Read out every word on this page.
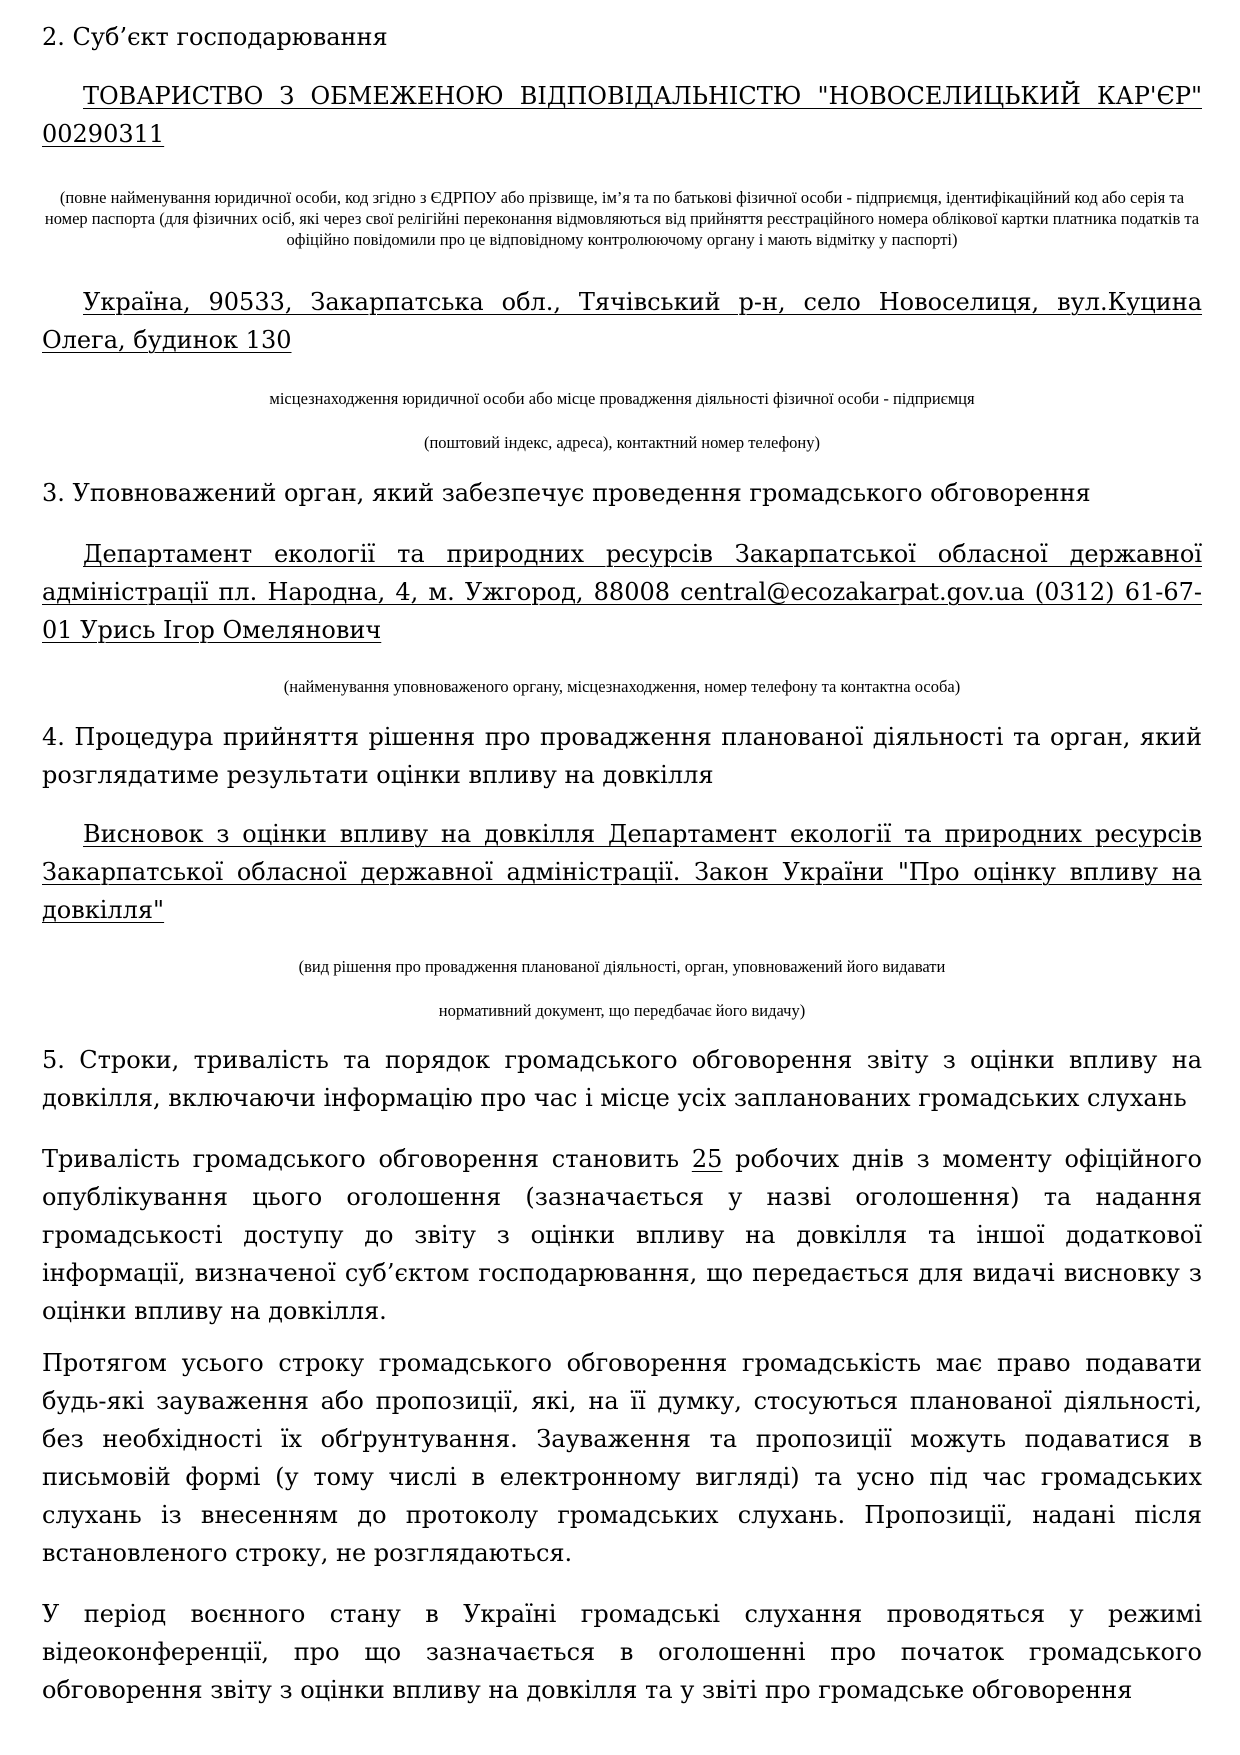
2. Суб’єкт господарювання

ТОВАРИСТВО З ОБМЕЖЕНОЮ ВІДПОВІДАЛЬНІСТЮ "НОВОСЕЛИЦЬКИЙ КАР'ЄР" 00290311

(повне найменування юридичної особи, код згідно з ЄДРПОУ або прізвище, ім’я та по батькові фізичної особи - підприємця, ідентифікаційний код або серія та номер паспорта (для фізичних осіб, які через свої релігійні переконання відмовляються від прийняття реєстраційного номера облікової картки платника податків та офіційно повідомили про це відповідному контролюючому органу і мають відмітку у паспорті)

Україна, 90533, Закарпатська обл., Тячівський р-н, село Новоселиця, вул.Куцина Олега, будинок 130

місцезнаходження юридичної особи або місце провадження діяльності фізичної особи - підприємця

(поштовий індекс, адреса), контактний номер телефону)

3. Уповноважений орган, який забезпечує проведення громадського обговорення

Департамент екології та природних ресурсів Закарпатської обласної державної адміністрації пл. Народна, 4, м. Ужгород, 88008 central@ecozakarpat.gov.ua (0312) 61-67-01 Урись Ігор Омелянович

(найменування уповноваженого органу, місцезнаходження, номер телефону та контактна особа)

4. Процедура прийняття рішення про провадження планованої діяльності та орган, який розглядатиме результати оцінки впливу на довкілля

Висновок з оцінки впливу на довкілля Департамент екології та природних ресурсів Закарпатської обласної державної адміністрації. Закон України "Про оцінку впливу на довкілля"

(вид рішення про провадження планованої діяльності, орган, уповноважений його видавати

нормативний документ, що передбачає його видачу)

5. Строки, тривалість та порядок громадського обговорення звіту з оцінки впливу на довкілля, включаючи інформацію про час і місце усіх запланованих громадських слухань

Тривалість громадського обговорення становить 25 робочих днів з моменту офіційного опублікування цього оголошення (зазначається у назві оголошення) та надання громадськості доступу до звіту з оцінки впливу на довкілля та іншої додаткової інформації, визначеної суб’єктом господарювання, що передається для видачі висновку з оцінки впливу на довкілля.

Протягом усього строку громадського обговорення громадськість має право подавати будь-які зауваження або пропозиції, які, на її думку, стосуються планованої діяльності, без необхідності їх обґрунтування. Зауваження та пропозиції можуть подаватися в письмовій формі (у тому числі в електронному вигляді) та усно під час громадських слухань із внесенням до протоколу громадських слухань. Пропозиції, надані після встановленого строку, не розглядаються.

У період воєнного стану в Україні громадські слухання проводяться у режимі відеоконференції, про що зазначається в оголошенні про початок громадського обговорення звіту з оцінки впливу на довкілля та у звіті про громадське обговорення
